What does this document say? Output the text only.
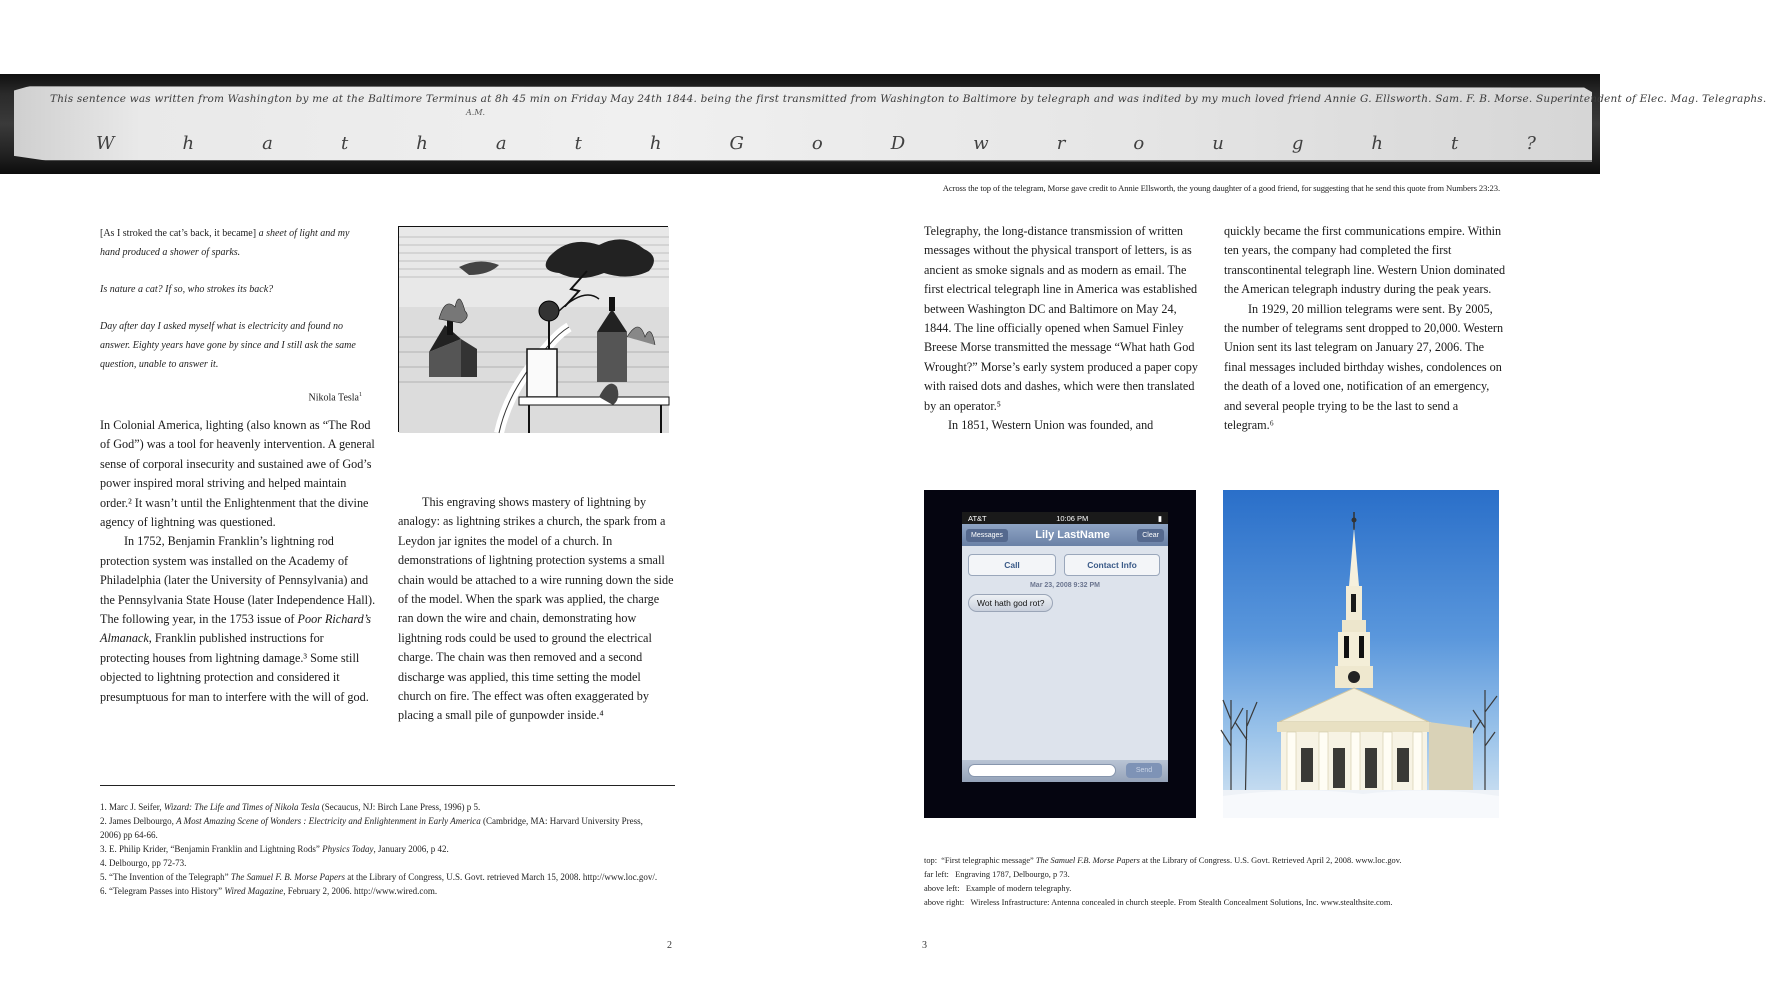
This sentence was written from Washington by me at the Baltimore Terminus at 8h 45 min on Friday May 24th 1844. being the first transmitted from Washington to Baltimore by telegraph and was indited by my much loved friend Annie G. Ellsworth. Sam. F. B. Morse. Superintendent of Elec. Mag. Telegraphs.
A.M.
W	h	a	t	h	a	t	h	G	o	D	w	r	o	u	g	h	t	?
Across the top of the telegram, Morse gave credit to Annie Ellsworth, the young daughter of a good friend, for suggesting that he send this quote from Numbers 23:23.

[As I stroked the cat’s back, it became] a sheet of light and my hand produced a shower of sparks.

Is nature a cat? If so, who strokes its back?

Day after day I asked myself what is electricity and found no answer. Eighty years have gone by since and I still ask the same question, unable to answer it.

Nikola Tesla$^1$

In Colonial America, lighting (also known as “The Rod of God”) was a tool for heavenly intervention. A general sense of corporal insecurity and sustained awe of God’s power inspired moral striving and helped maintain order.² It wasn’t until the Enlightenment that the divine agency of lightning was questioned.

In 1752, Benjamin Franklin’s lightning rod protection system was installed on the Academy of Philadelphia (later the University of Pennsylvania) and the Pennsylvania State House (later Independence Hall). The following year, in the 1753 issue of Poor Richard’s Almanack, Franklin published instructions for protecting houses from lightning damage.³ Some still objected to lightning protection and considered it presumptuous for man to interfere with the will of god.

This engraving shows mastery of lightning by analogy: as lightning strikes a church, the spark from a Leydon jar ignites the model of a church. In demonstrations of lightning protection systems a small chain would be attached to a wire running down the side of the model. When the spark was applied, the charge ran down the wire and chain, demonstrating how lightning rods could be used to ground the electrical charge. The chain was then removed and a second discharge was applied, this time setting the model church on fire. The effect was often exaggerated by placing a small pile of gunpowder inside.⁴

1. Marc J. Seifer, Wizard: The Life and Times of Nikola Tesla (Secaucus, NJ: Birch Lane Press, 1996) p 5.
2. James Delbourgo, A Most Amazing Scene of Wonders : Electricity and Enlightenment in Early America (Cambridge, MA: Harvard University Press, 2006) pp 64-66.
3. E. Philip Krider, “Benjamin Franklin and Lightning Rods” Physics Today, January 2006, p 42.
4. Delbourgo, pp 72-73.
5. “The Invention of the Telegraph” The Samuel F. B. Morse Papers at the Library of Congress, U.S. Govt. retrieved March 15, 2008. http://www.loc.gov/.
6. “Telegram Passes into History” Wired Magazine, February 2, 2006. http://www.wired.com.
2

Telegraphy, the long-distance transmission of written messages without the physical transport of letters, is as ancient as smoke signals and as modern as email. The first electrical telegraph line in America was established between Washington DC and Baltimore on May 24, 1844. The line officially opened when Samuel Finley Breese Morse transmitted the message “What hath God Wrought?” Morse’s early system produced a paper copy with raised dots and dashes, which were then translated by an operator.⁵

In 1851, Western Union was founded, and

quickly became the first communications empire. Within ten years, the company had completed the first transcontinental telegraph line. Western Union dominated the American telegraph industry during the peak years.

In 1929, 20 million telegrams were sent. By 2005, the number of telegrams sent dropped to 20,000. Western Union sent its last telegram on January 27, 2006. The final messages included birthday wishes, condolences on the death of a loved one, notification of an emergency, and several people trying to be the last to send a telegram.⁶

AT&T	10:06 PM	▮
Messages	Lily LastName	Clear
Call	Contact Info
Mar 23, 2008 9:32 PM
Wot hath god rot?
Send
top: “First telegraphic message” The Samuel F.B. Morse Papers at the Library of Congress. U.S. Govt. Retrieved April 2, 2008. www.loc.gov.
far left: Engraving 1787, Delbourgo, p 73.
above left: Example of modern telegraphy.
above right: Wireless Infrastructure: Antenna concealed in church steeple. From Stealth Concealment Solutions, Inc. www.stealthsite.com.
3
